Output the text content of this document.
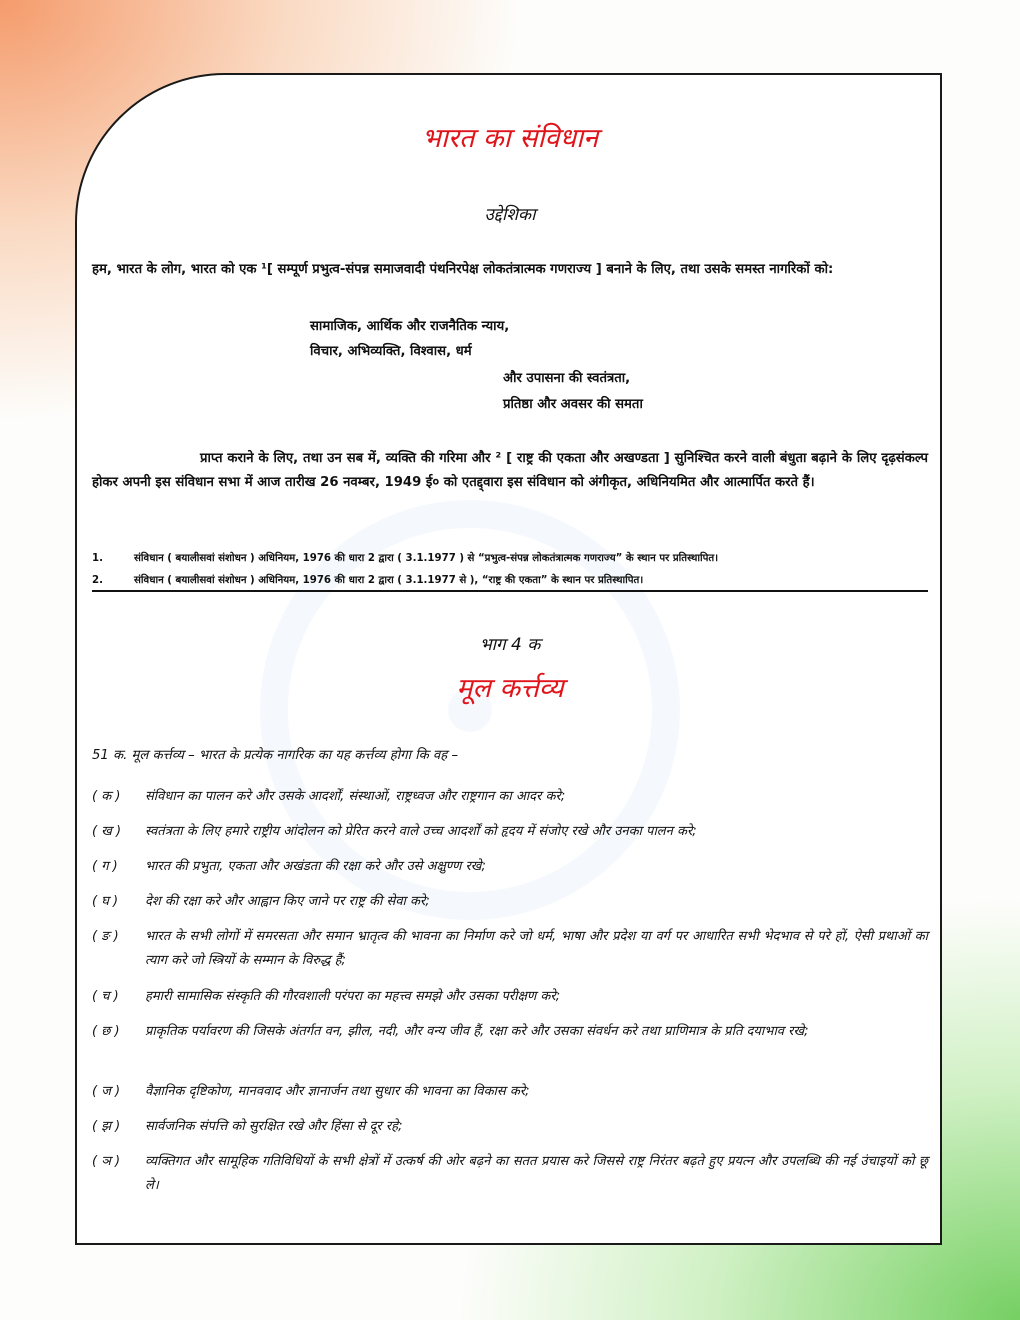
भारत का संविधान
उद्देशिका
हम, भारत के लोग, भारत को एक ¹[ सम्पूर्ण प्रभुत्व-संपन्न समाजवादी पंथनिरपेक्ष लोकतंत्रात्मक गणराज्य ] बनाने के लिए, तथा उसके समस्त नागरिकों को:
सामाजिक, आर्थिक और राजनैतिक न्याय,
विचार, अभिव्यक्ति, विश्वास, धर्म
और उपासना की स्वतंत्रता,
प्रतिष्ठा और अवसर की समता
प्राप्त कराने के लिए, तथा उन सब में, व्यक्ति की गरिमा और ² [ राष्ट्र की एकता और अखण्डता ] सुनिश्चित करने वाली बंधुता बढ़ाने के लिए दृढ़संकल्प होकर अपनी इस संविधान सभा में आज तारीख 26 नवम्बर, 1949 ई० को एतद्द्वारा इस संविधान को अंगीकृत, अधिनियमित और आत्मार्पित करते हैं।
1.	संविधान ( बयालीसवां संशोधन ) अधिनियम, 1976 की धारा 2 द्वारा ( 3.1.1977 ) से “प्रभुत्व-संपन्न लोकतंत्रात्मक गणराज्य” के स्थान पर प्रतिस्थापित।
2.	संविधान ( बयालीसवां संशोधन ) अधिनियम, 1976 की धारा 2 द्वारा ( 3.1.1977 से ), “राष्ट्र की एकता” के स्थान पर प्रतिस्थापित।
भाग 4 क
मूल कर्त्तव्य
51 क. मूल कर्त्तव्य – भारत के प्रत्येक नागरिक का यह कर्त्तव्य होगा कि वह –
( क )	संविधान का पालन करे और उसके आदर्शों, संस्थाओं, राष्ट्रध्वज और राष्ट्रगान का आदर करे;
( ख )	स्वतंत्रता के लिए हमारे राष्ट्रीय आंदोलन को प्रेरित करने वाले उच्च आदर्शों को हृदय में संजोए रखे और उनका पालन करे;
( ग )	भारत की प्रभुता, एकता और अखंडता की रक्षा करे और उसे अक्षुण्ण रखे;
( घ )	देश की रक्षा करे और आह्वान किए जाने पर राष्ट्र की सेवा करे;
( ङ )	भारत के सभी लोगों में समरसता और समान भ्रातृत्व की भावना का निर्माण करे जो धर्म, भाषा और प्रदेश या वर्ग पर आधारित सभी भेदभाव से परे हों, ऐसी प्रथाओं का त्याग करे जो स्त्रियों के सम्मान के विरुद्ध हैं;
( च )	हमारी सामासिक संस्कृति की गौरवशाली परंपरा का महत्त्व समझे और उसका परीक्षण करे;
( छ )	प्राकृतिक पर्यावरण की जिसके अंतर्गत वन, झील, नदी, और वन्य जीव हैं, रक्षा करे और उसका संवर्धन करे तथा प्राणिमात्र के प्रति दयाभाव रखे;
( ज )	वैज्ञानिक दृष्टिकोण, मानववाद और ज्ञानार्जन तथा सुधार की भावना का विकास करे;
( झ )	सार्वजनिक संपत्ति को सुरक्षित रखे और हिंसा से दूर रहे;
( ञ )	व्यक्तिगत और सामूहिक गतिविधियों के सभी क्षेत्रों में उत्कर्ष की ओर बढ़ने का सतत प्रयास करे जिससे राष्ट्र निरंतर बढ़ते हुए प्रयत्न और उपलब्धि की नई उंचाइयों को छू ले।
